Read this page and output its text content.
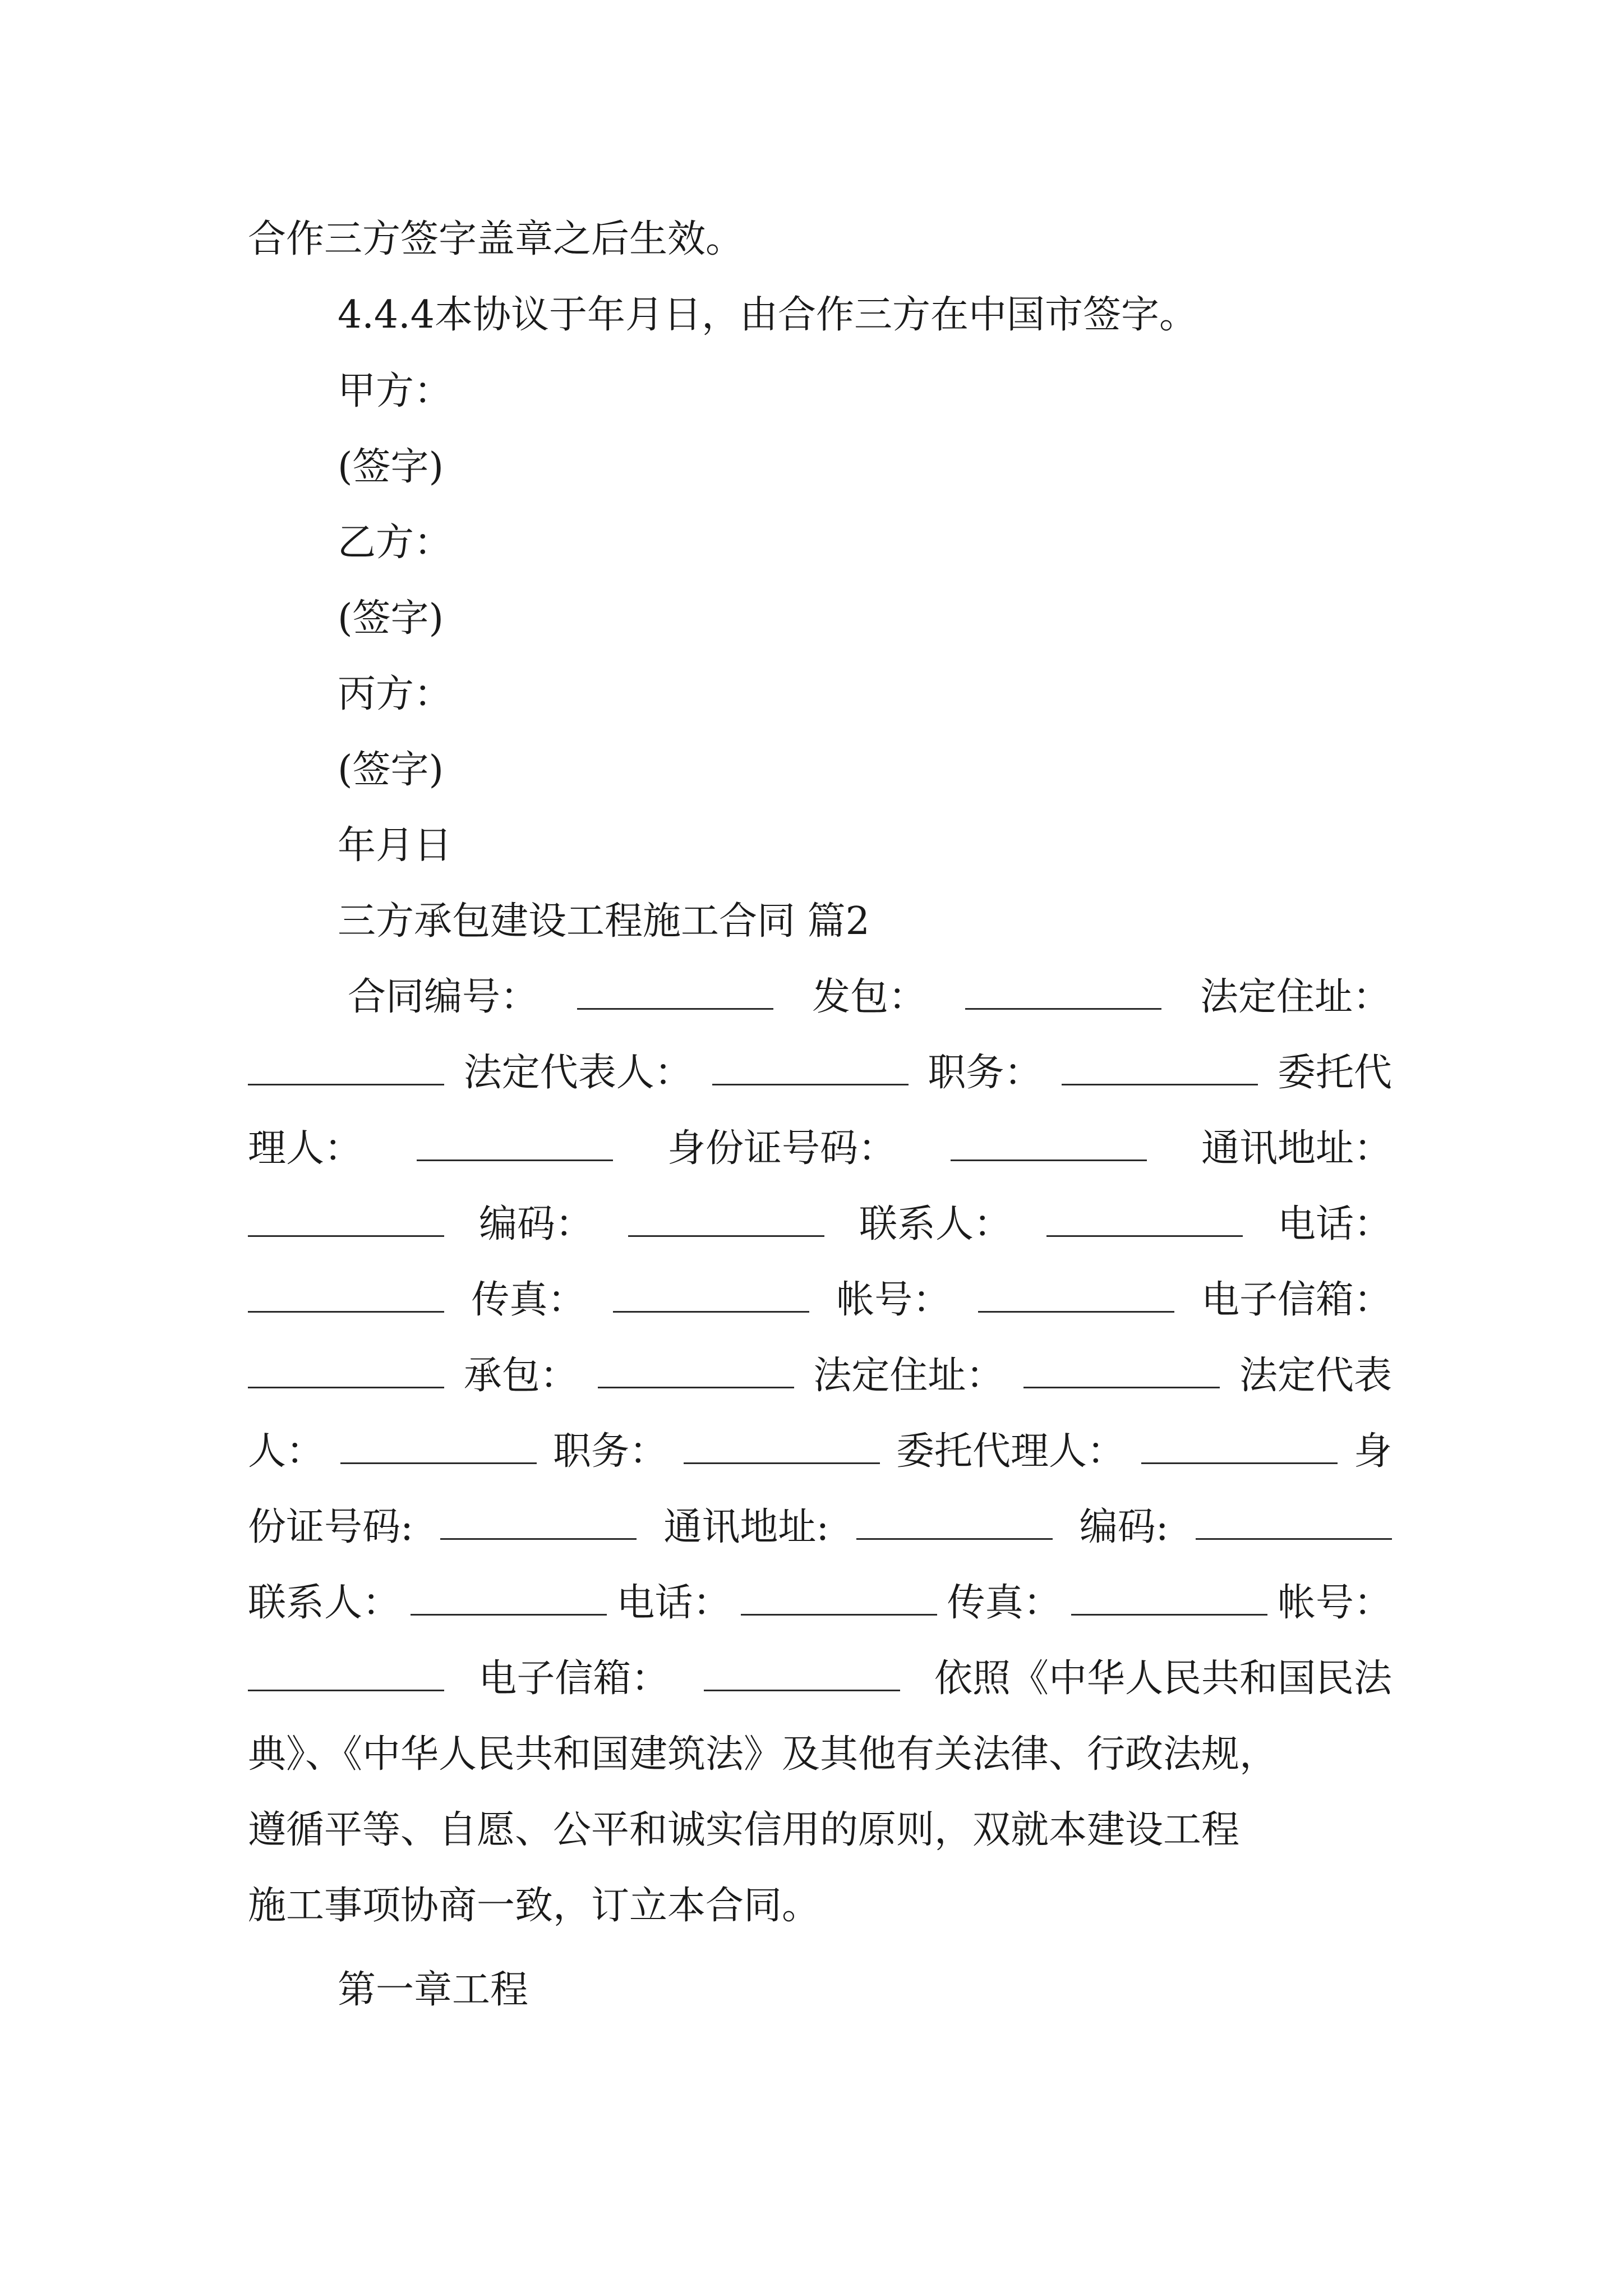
合作三方签字盖章之后生效。
4.4.4本协议于年月日，由合作三方在中国市签字。
甲方：
(签字)
乙方：
(签字)
丙方：
(签字)
年月日
三方承包建设工程施工合同 篇2
合同编号：	发包：	法定住址：
法定代表人：	职务：	委托代
理人：	身份证号码：	通讯地址：
编码：	联系人：	电话：
传真：	帐号：	电子信箱：
承包：	法定住址：	法定代表
人：	职务：	委托代理人：	身
份证号码:	通讯地址:	编码:
联系人：	电话：	传真：	帐号：
电子信箱：	依照《中华人民共和国民法
典》、《中华人民共和国建筑法》及其他有关法律、行政法规，
遵循平等、自愿、公平和诚实信用的原则，双就本建设工程
施工事项协商一致，订立本合同。
第一章工程
